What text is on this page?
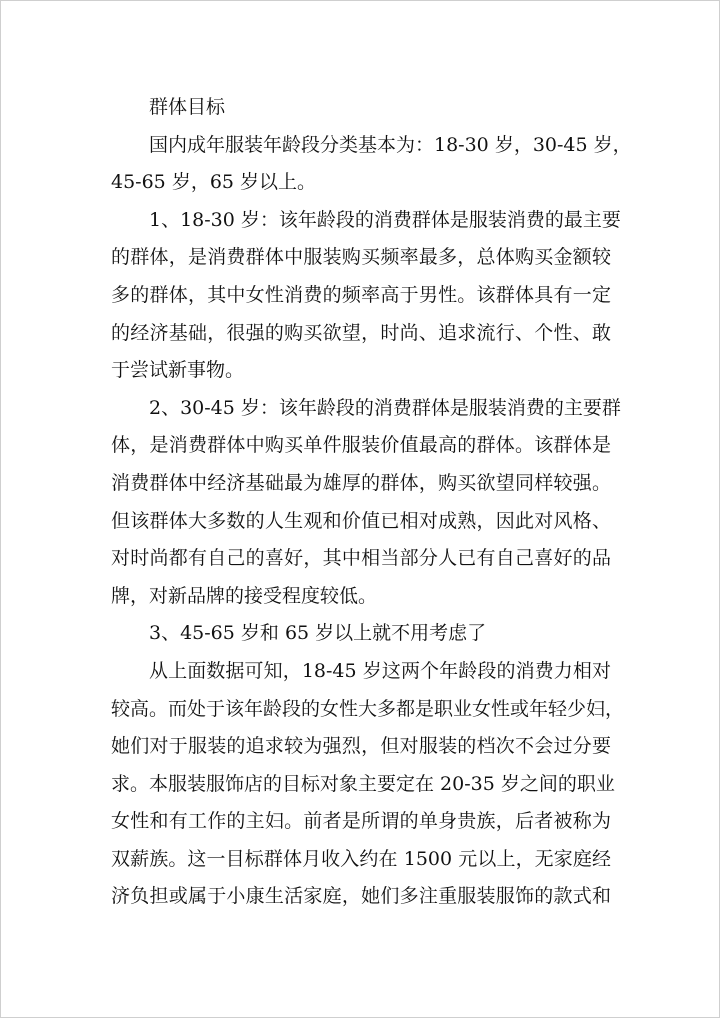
群体目标
国内成年服装年龄段分类基本为：18-30 岁，30-45 岁，
45-65 岁，65 岁以上。
1、18-30 岁：该年龄段的消费群体是服装消费的最主要
的群体，是消费群体中服装购买频率最多，总体购买金额较
多的群体，其中女性消费的频率高于男性。该群体具有一定
的经济基础，很强的购买欲望，时尚、追求流行、个性、敢
于尝试新事物。
2、30-45 岁：该年龄段的消费群体是服装消费的主要群
体，是消费群体中购买单件服装价值最高的群体。该群体是
消费群体中经济基础最为雄厚的群体，购买欲望同样较强。
但该群体大多数的人生观和价值已相对成熟，因此对风格、
对时尚都有自己的喜好，其中相当部分人已有自己喜好的品
牌，对新品牌的接受程度较低。
3、45-65 岁和 65 岁以上就不用考虑了
从上面数据可知，18-45 岁这两个年龄段的消费力相对
较高。而处于该年龄段的女性大多都是职业女性或年轻少妇，
她们对于服装的追求较为强烈，但对服装的档次不会过分要
求。本服装服饰店的目标对象主要定在 20-35 岁之间的职业
女性和有工作的主妇。前者是所谓的单身贵族，后者被称为
双薪族。这一目标群体月收入约在 1500 元以上，无家庭经
济负担或属于小康生活家庭，她们多注重服装服饰的款式和
